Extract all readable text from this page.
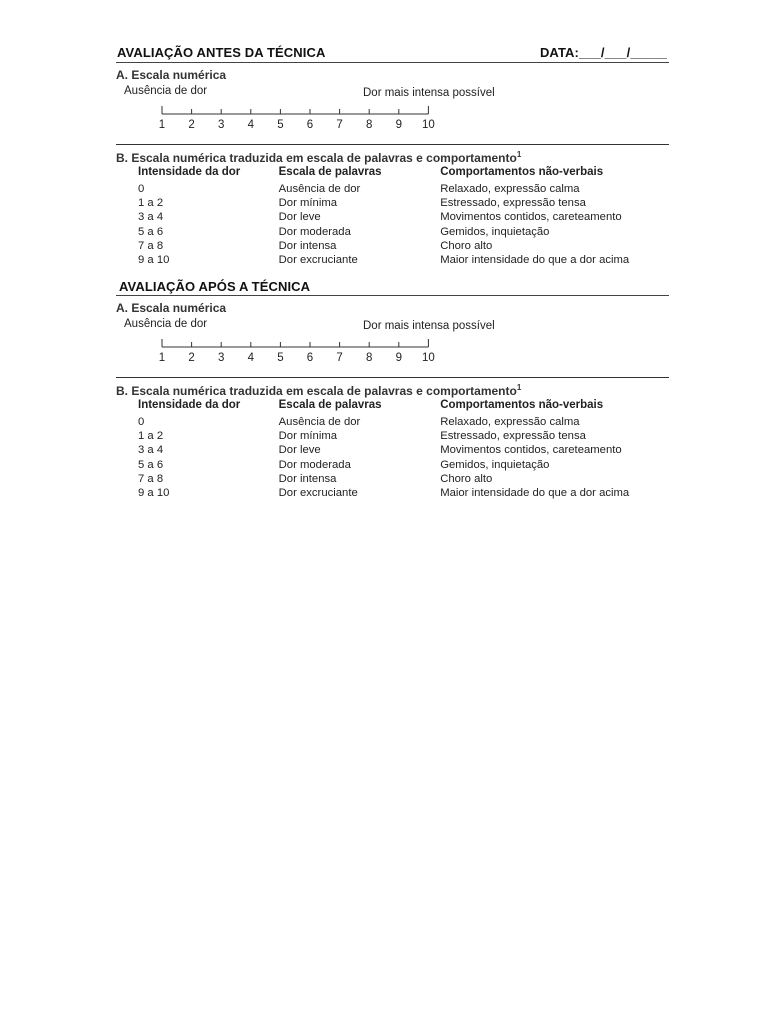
AVALIAÇÃO ANTES DA TÉCNICA	DATA:___/___/_____
A. Escala numérica
Ausência de dor	Dor mais intensa possível
1 2 3 4 5 6 7 8 9 10
B. Escala numérica traduzida em escala de palavras e comportamento$^1$
Intensidade da dor	Escala de palavras	Comportamentos não-verbais
0	Ausência de dor	Relaxado, expressão calma
1 a 2	Dor mínima	Estressado, expressão tensa
3 a 4	Dor leve	Movimentos contidos, careteamento
5 a 6	Dor moderada	Gemidos, inquietação
7 a 8	Dor intensa	Choro alto
9 a 10	Dor excruciante	Maior intensidade do que a dor acima
AVALIAÇÃO APÓS A TÉCNICA
A. Escala numérica
Ausência de dor	Dor mais intensa possível
1 2 3 4 5 6 7 8 9 10
B. Escala numérica traduzida em escala de palavras e comportamento$^1$
Intensidade da dor	Escala de palavras	Comportamentos não-verbais
0	Ausência de dor	Relaxado, expressão calma
1 a 2	Dor mínima	Estressado, expressão tensa
3 a 4	Dor leve	Movimentos contidos, careteamento
5 a 6	Dor moderada	Gemidos, inquietação
7 a 8	Dor intensa	Choro alto
9 a 10	Dor excruciante	Maior intensidade do que a dor acima
